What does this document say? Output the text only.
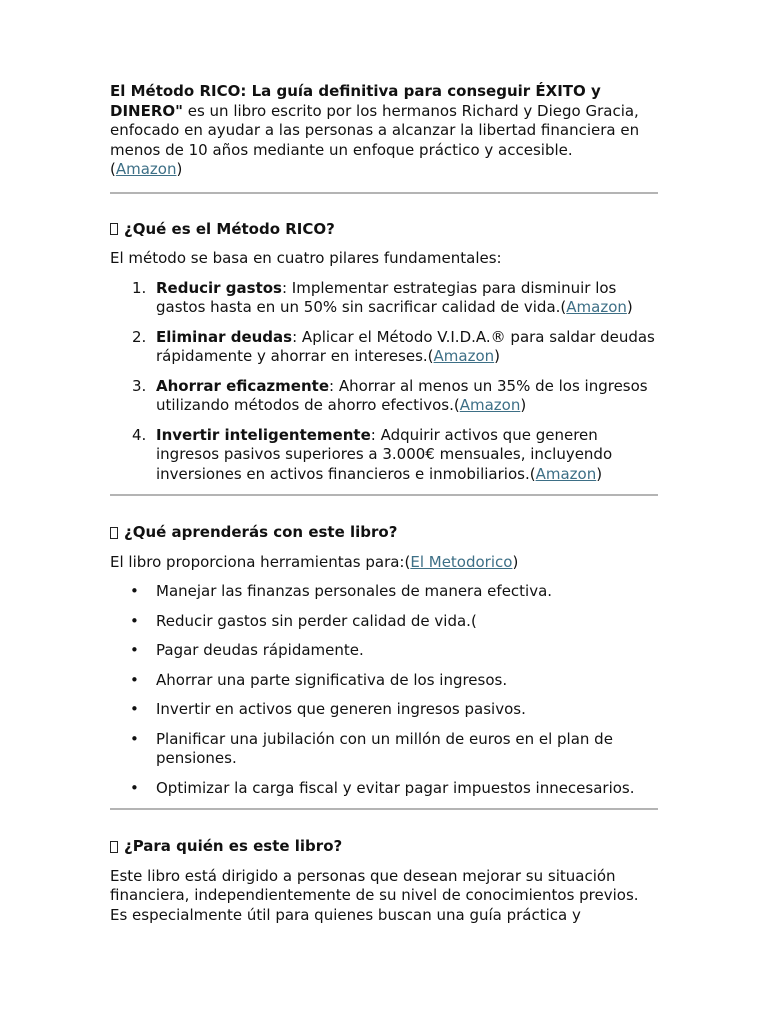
El Método RICO: La guía definitiva para conseguir ÉXITO y DINERO" es un libro escrito por los hermanos Richard y Diego Gracia, enfocado en ayudar a las personas a alcanzar la libertad financiera en menos de 10 años mediante un enfoque práctico y accesible.
(Amazon)

¿Qué es el Método RICO?

El método se basa en cuatro pilares fundamentales:

1. Reducir gastos: Implementar estrategias para disminuir los gastos hasta en un 50% sin sacrificar calidad de vida.(Amazon)
2. Eliminar deudas: Aplicar el Método V.I.D.A.® para saldar deudas rápidamente y ahorrar en intereses.(Amazon)
3. Ahorrar eficazmente: Ahorrar al menos un 35% de los ingresos utilizando métodos de ahorro efectivos.(Amazon)
4. Invertir inteligentemente: Adquirir activos que generen ingresos pasivos superiores a 3.000€ mensuales, incluyendo inversiones en activos financieros e inmobiliarios.(Amazon)
¿Qué aprenderás con este libro?

El libro proporciona herramientas para:(El Metodorico)

• Manejar las finanzas personales de manera efectiva.
• Reducir gastos sin perder calidad de vida.(
• Pagar deudas rápidamente.
• Ahorrar una parte significativa de los ingresos.
• Invertir en activos que generen ingresos pasivos.
• Planificar una jubilación con un millón de euros en el plan de pensiones.
• Optimizar la carga fiscal y evitar pagar impuestos innecesarios.
¿Para quién es este libro?

Este libro está dirigido a personas que desean mejorar su situación financiera, independientemente de su nivel de conocimientos previos. Es especialmente útil para quienes buscan una guía práctica y
